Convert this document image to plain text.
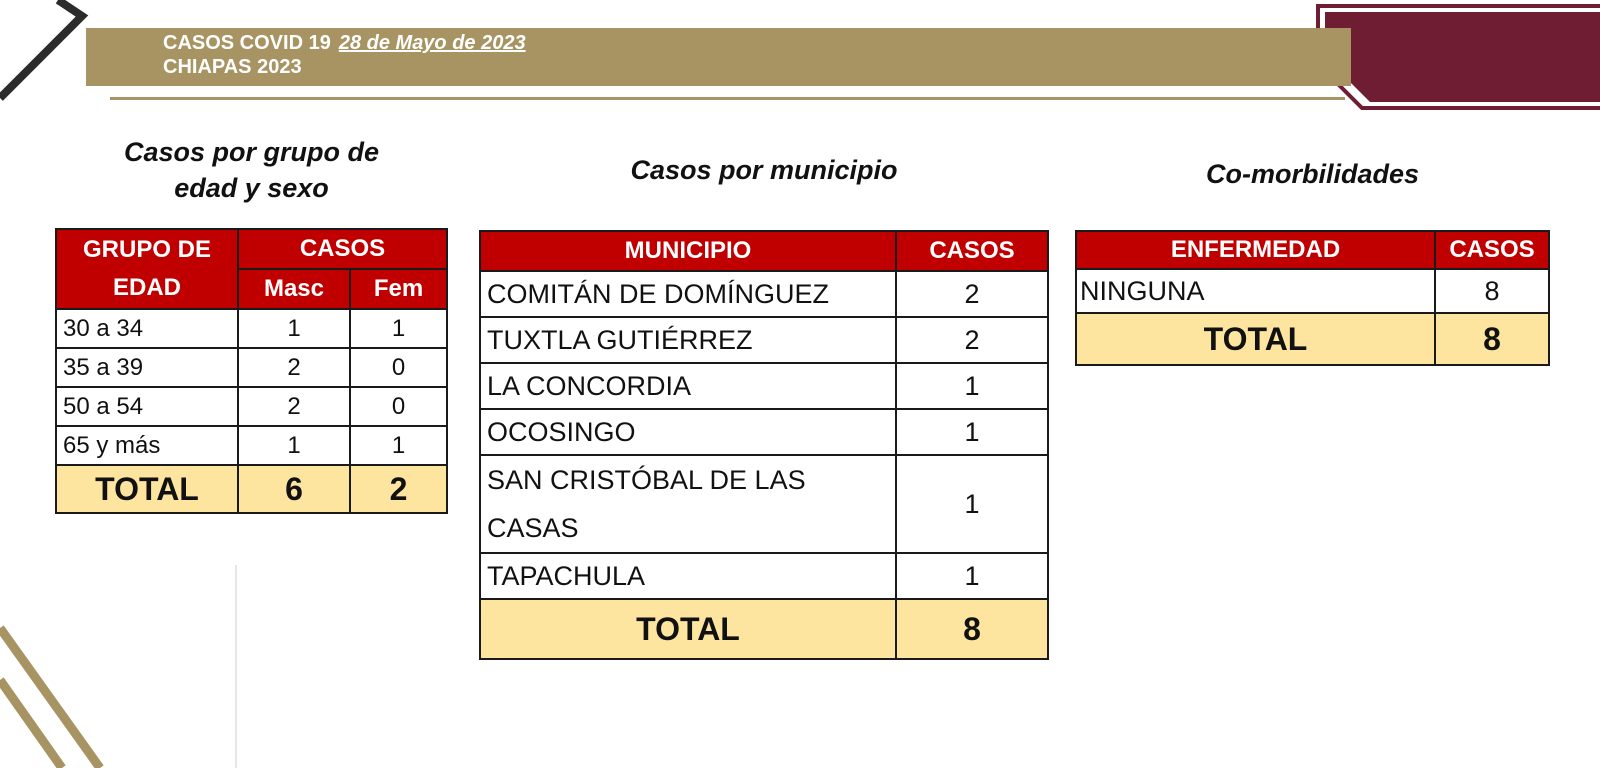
CASOS COVID 19 28 de Mayo de 2023
CHIAPAS 2023
Casos por grupo de
edad y sexo
Casos por municipio	Co-morbilidades
GRUPO DE EDAD	CASOS	
	Masc	Fem
30 a 34	1	1
35 a 39	2	0
50 a 54	2	0
65 y más	1	1
TOTAL	6	2
MUNICIPIO	CASOS
COMITÁN DE DOMÍNGUEZ	2
TUXTLA GUTIÉRREZ	2
LA CONCORDIA	1
OCOSINGO	1
SAN CRISTÓBAL DE LAS CASAS	1
TAPACHULA	1
TOTAL	8
ENFERMEDAD	CASOS
NINGUNA	8
TOTAL	8
